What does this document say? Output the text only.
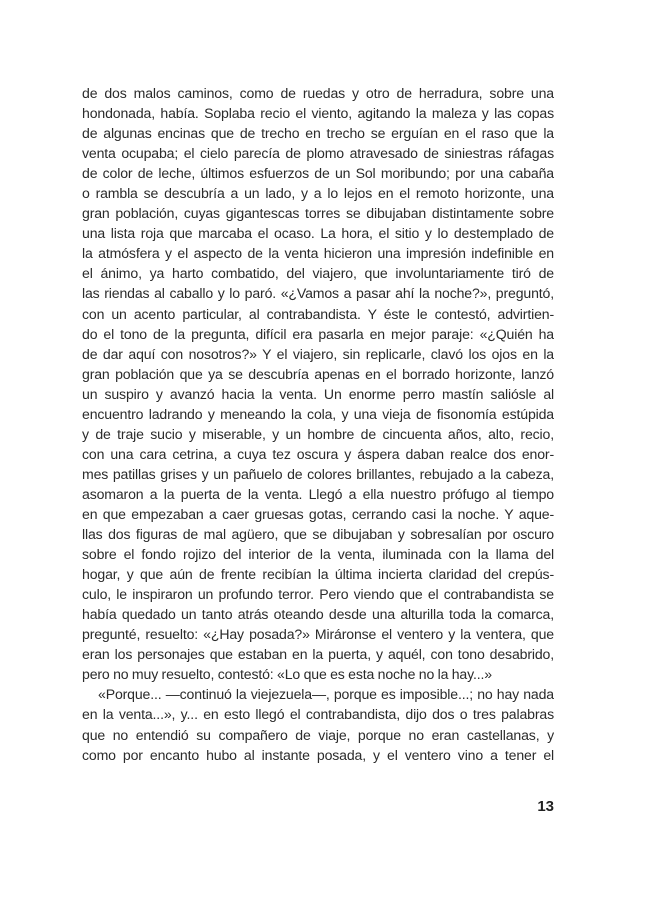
de dos malos caminos, como de ruedas y otro de herradura, sobre una
hondonada, había. Soplaba recio el viento, agitando la maleza y las copas
de algunas encinas que de trecho en trecho se erguían en el raso que la
venta ocupaba; el cielo parecía de plomo atravesado de siniestras ráfagas
de color de leche, últimos esfuerzos de un Sol moribundo; por una cabaña
o rambla se descubría a un lado, y a lo lejos en el remoto horizonte, una
gran población, cuyas gigantescas torres se dibujaban distintamente sobre
una lista roja que marcaba el ocaso. La hora, el sitio y lo destemplado de
la atmósfera y el aspecto de la venta hicieron una impresión indefinible en
el ánimo, ya harto combatido, del viajero, que involuntariamente tiró de
las riendas al caballo y lo paró. «¿Vamos a pasar ahí la noche?», preguntó,
con un acento particular, al contrabandista. Y éste le contestó, advirtien-
do el tono de la pregunta, difícil era pasarla en mejor paraje: «¿Quién ha
de dar aquí con nosotros?» Y el viajero, sin replicarle, clavó los ojos en la
gran población que ya se descubría apenas en el borrado horizonte, lanzó
un suspiro y avanzó hacia la venta. Un enorme perro mastín saliósle al
encuentro ladrando y meneando la cola, y una vieja de fisonomía estúpida
y de traje sucio y miserable, y un hombre de cincuenta años, alto, recio,
con una cara cetrina, a cuya tez oscura y áspera daban realce dos enor-
mes patillas grises y un pañuelo de colores brillantes, rebujado a la cabeza,
asomaron a la puerta de la venta. Llegó a ella nuestro prófugo al tiempo
en que empezaban a caer gruesas gotas, cerrando casi la noche. Y aque-
llas dos figuras de mal agüero, que se dibujaban y sobresalían por oscuro
sobre el fondo rojizo del interior de la venta, iluminada con la llama del
hogar, y que aún de frente recibían la última incierta claridad del crepús-
culo, le inspiraron un profundo terror. Pero viendo que el contrabandista se
había quedado un tanto atrás oteando desde una alturilla toda la comarca,
pregunté, resuelto: «¿Hay posada?» Miráronse el ventero y la ventera, que
eran los personajes que estaban en la puerta, y aquél, con tono desabrido,
pero no muy resuelto, contestó: «Lo que es esta noche no la hay...»
«Porque... —continuó la viejezuela—, porque es imposible...; no hay nada
en la venta...», y... en esto llegó el contrabandista, dijo dos o tres palabras
que no entendió su compañero de viaje, porque no eran castellanas, y
como por encanto hubo al instante posada, y el ventero vino a tener el
13
